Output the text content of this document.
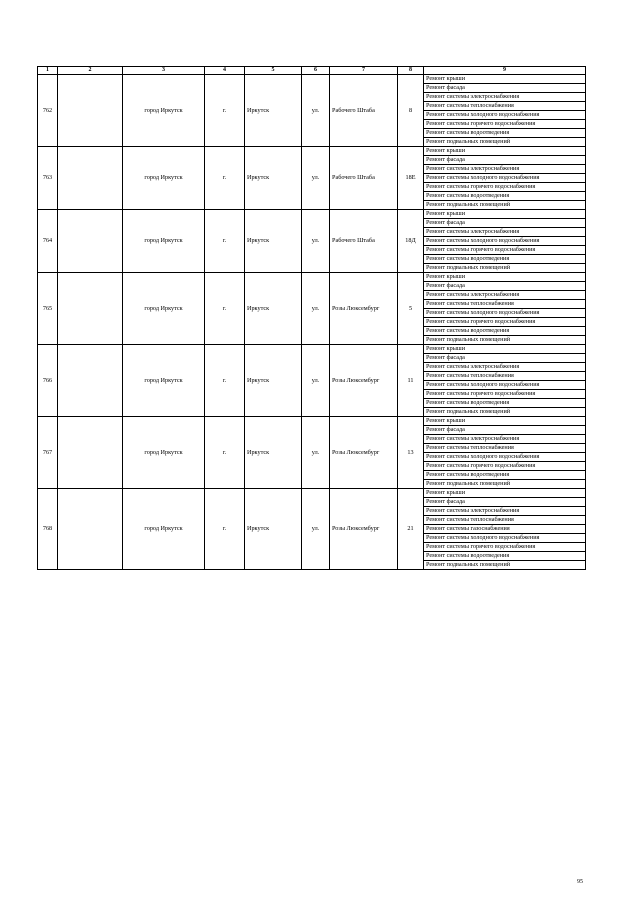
1	2	3	4	5	6	7	8	9
762		город Иркутск	г.	Иркутск	ул.	Рабочего Штаба	8	Ремонт крыши
								Ремонт фасада
								Ремонт системы электроснабжения
								Ремонт системы теплоснабжения
								Ремонт системы холодного водоснабжения
								Ремонт системы горячего водоснабжения
								Ремонт системы водоотведения
								Ремонт подвальных помещений
763		город Иркутск	г.	Иркутск	ул.	Рабочего Штаба	18Е	Ремонт крыши
								Ремонт фасада
								Ремонт системы электроснабжения
								Ремонт системы холодного водоснабжения
								Ремонт системы горячего водоснабжения
								Ремонт системы водоотведения
								Ремонт подвальных помещений
764		город Иркутск	г.	Иркутск	ул.	Рабочего Штаба	18Д	Ремонт крыши
								Ремонт фасада
								Ремонт системы электроснабжения
								Ремонт системы холодного водоснабжения
								Ремонт системы горячего водоснабжения
								Ремонт системы водоотведения
								Ремонт подвальных помещений
765		город Иркутск	г.	Иркутск	ул.	Розы Люксембург	5	Ремонт крыши
								Ремонт фасада
								Ремонт системы электроснабжения
								Ремонт системы теплоснабжения
								Ремонт системы холодного водоснабжения
								Ремонт системы горячего водоснабжения
								Ремонт системы водоотведения
								Ремонт подвальных помещений
766		город Иркутск	г.	Иркутск	ул.	Розы Люксембург	11	Ремонт крыши
								Ремонт фасада
								Ремонт системы электроснабжения
								Ремонт системы теплоснабжения
								Ремонт системы холодного водоснабжения
								Ремонт системы горячего водоснабжения
								Ремонт системы водоотведения
								Ремонт подвальных помещений
767		город Иркутск	г.	Иркутск	ул.	Розы Люксембург	13	Ремонт крыши
								Ремонт фасада
								Ремонт системы электроснабжения
								Ремонт системы теплоснабжения
								Ремонт системы холодного водоснабжения
								Ремонт системы горячего водоснабжения
								Ремонт системы водоотведения
								Ремонт подвальных помещений
768		город Иркутск	г.	Иркутск	ул.	Розы Люксембург	21	Ремонт крыши
								Ремонт фасада
								Ремонт системы электроснабжения
								Ремонт системы теплоснабжения
								Ремонт системы газоснабжения
								Ремонт системы холодного водоснабжения
								Ремонт системы горячего водоснабжения
								Ремонт системы водоотведения
								Ремонт подвальных помещений
95
